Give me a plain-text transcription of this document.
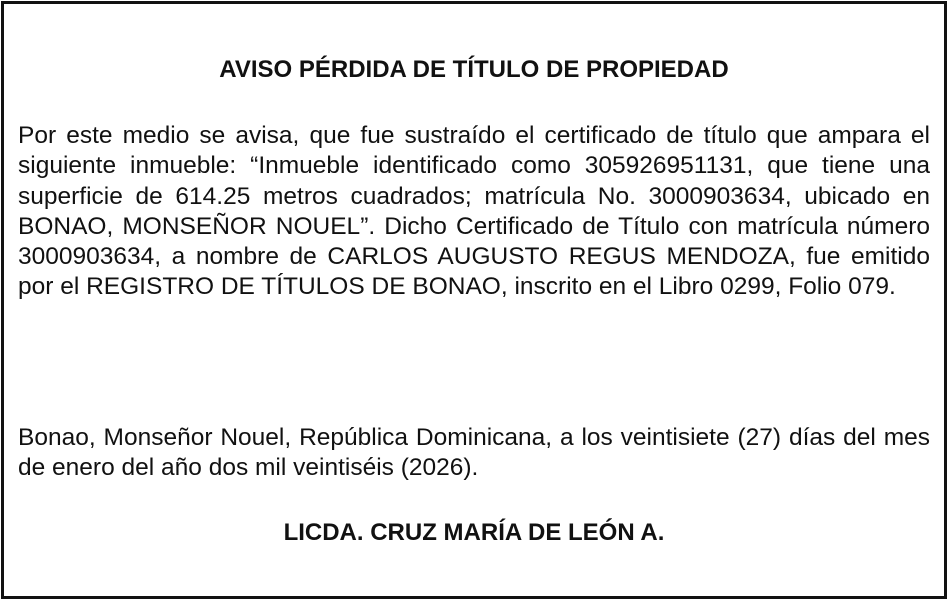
AVISO PÉRDIDA DE TÍTULO DE PROPIEDAD

Por este medio se avisa, que fue sustraído el certificado de título que ampara el siguiente inmueble: “Inmueble identificado como 305926951131, que tiene una superficie de 614.25 metros cuadrados; matrícula No. 3000903634, ubicado en BONAO, MONSEÑOR NOUEL”. Dicho Certificado de Título con matrícula número 3000903634, a nombre de CARLOS AUGUSTO REGUS MENDOZA, fue emitido por el REGISTRO DE TÍTULOS DE BONAO, inscrito en el Libro 0299, Folio 079.

Bonao, Monseñor Nouel, República Dominicana, a los veintisiete (27) días del mes de enero del año dos mil veintiséis (2026).

LICDA. CRUZ MARÍA DE LEÓN A.
